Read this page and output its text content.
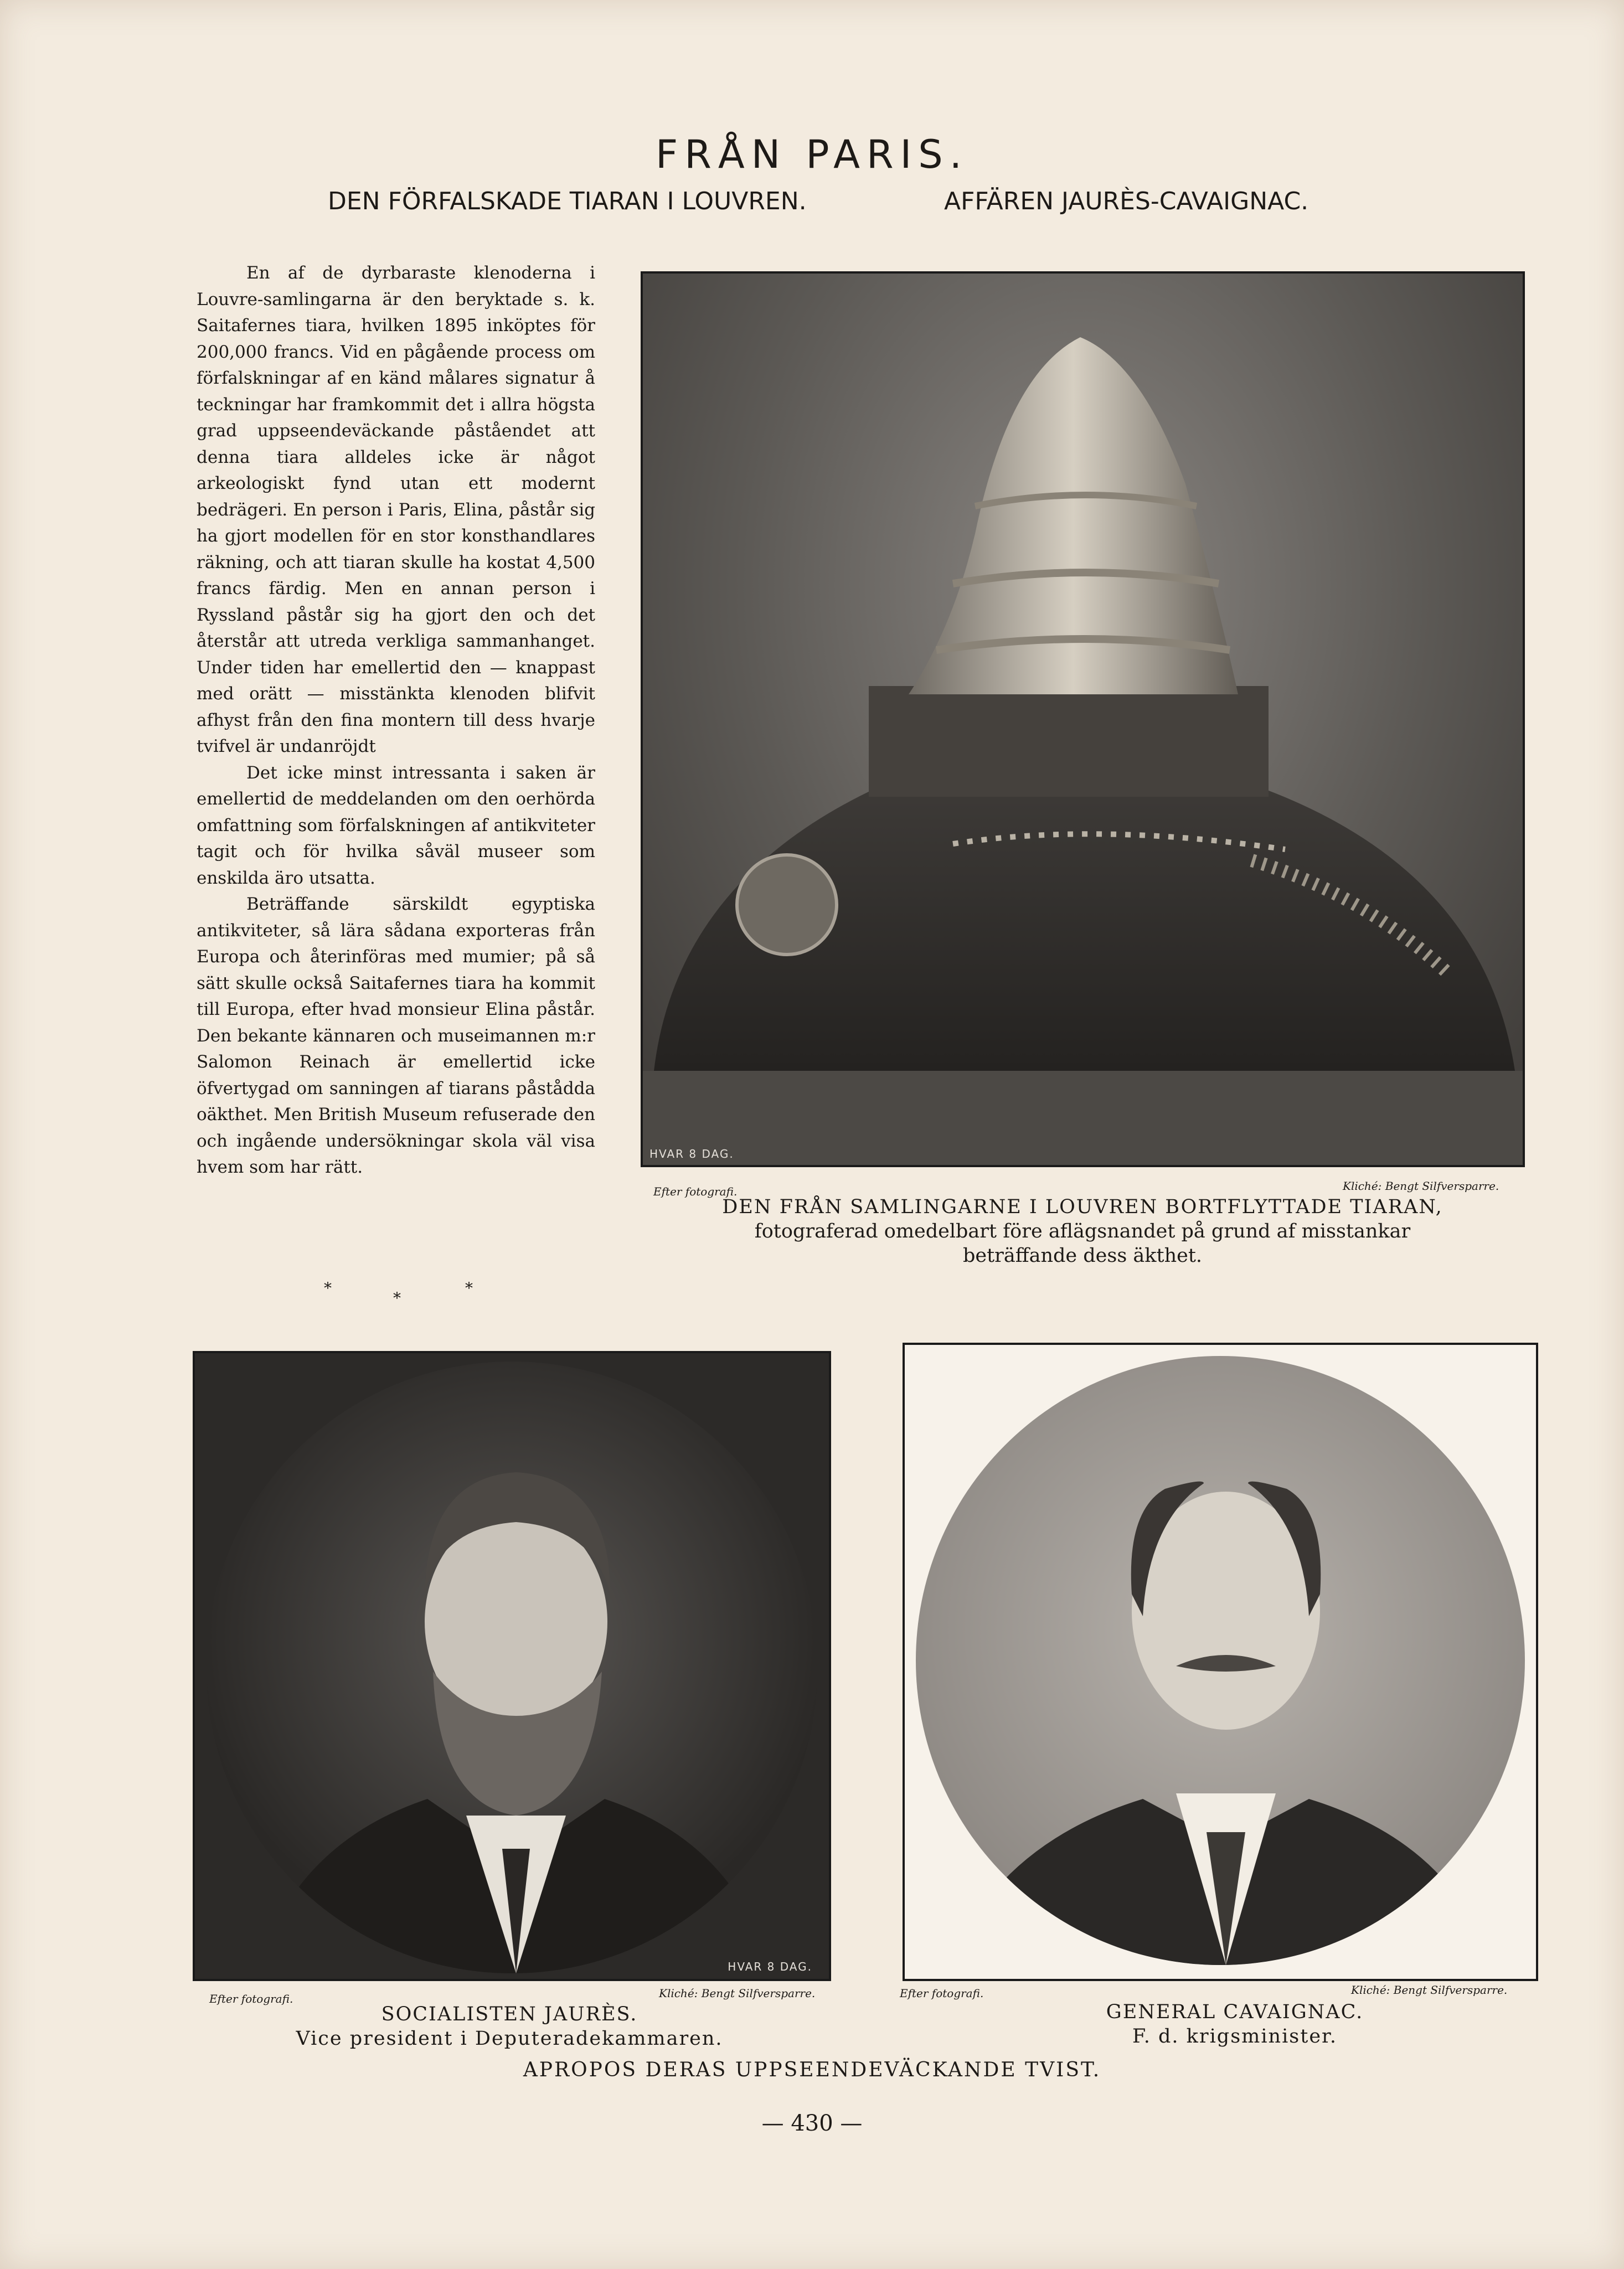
FRÅN PARIS.
DEN FÖRFALSKADE TIARAN I LOUVREN.	AFFÄREN JAURÈS-CAVAIGNAC.

En af de dyrbaraste klenoderna i Louvre-samlingarna är den beryktade s. k. Saitafernes tiara, hvilken 1895 inköptes för 200,000 francs. Vid en pågående process om förfalskningar af en känd målares signatur å teckningar har framkommit det i allra högsta grad uppseendeväckande påståendet att denna tiara alldeles icke är något arkeologiskt fynd utan ett modernt bedrägeri. En person i Paris, Elina, påstår sig ha gjort modellen för en stor konsthandlares räkning, och att tiaran skulle ha kostat 4,500 francs färdig. Men en annan person i Ryssland påstår sig ha gjort den och det återstår att utreda verkliga sammanhanget. Under tiden har emellertid den — knappast med orätt — misstänkta klenoden blifvit afhyst från den fina montern till dess hvarje tvifvel är undanröjdt

Det icke minst intressanta i saken är emellertid de meddelanden om den oerhörda omfattning som förfalskningen af antikviteter tagit och för hvilka såväl museer som enskilda äro utsatta.

Beträffande särskildt egyptiska antikviteter, så lära sådana exporteras från Europa och återinföras med mumier; på så sätt skulle också Saitafernes tiara ha kommit till Europa, efter hvad monsieur Elina påstår. Den bekante kännaren och museimannen m:r Salomon Reinach är emellertid icke öfvertygad om sanningen af tiarans påstådda oäkthet. Men British Museum refuserade den och ingående undersökningar skola väl visa hvem som har rätt.

*
*
*
HVAR 8 DAG.
Efter fotografi.	Kliché: Bengt Silfversparre.
DEN FRÅN SAMLINGARNE I LOUVREN BORTFLYTTADE TIARAN,
fotograferad omedelbart före aflägsnandet på grund af misstankar beträffande dess äkthet.
HVAR 8 DAG.
Efter fotografi.	Kliché: Bengt Silfversparre.
SOCIALISTEN JAURÈS.
Vice president i Deputeradekammaren.
Efter fotografi.	Kliché: Bengt Silfversparre.
GENERAL CAVAIGNAC.
F. d. krigsminister.
APROPOS DERAS UPPSEENDEVÄCKANDE TVIST.
— 430 —
